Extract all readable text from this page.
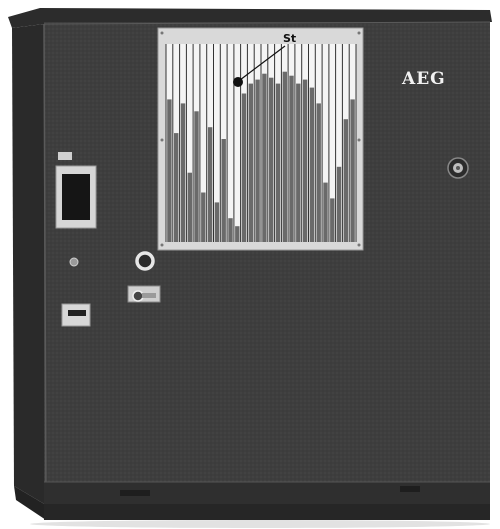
St
AEG
